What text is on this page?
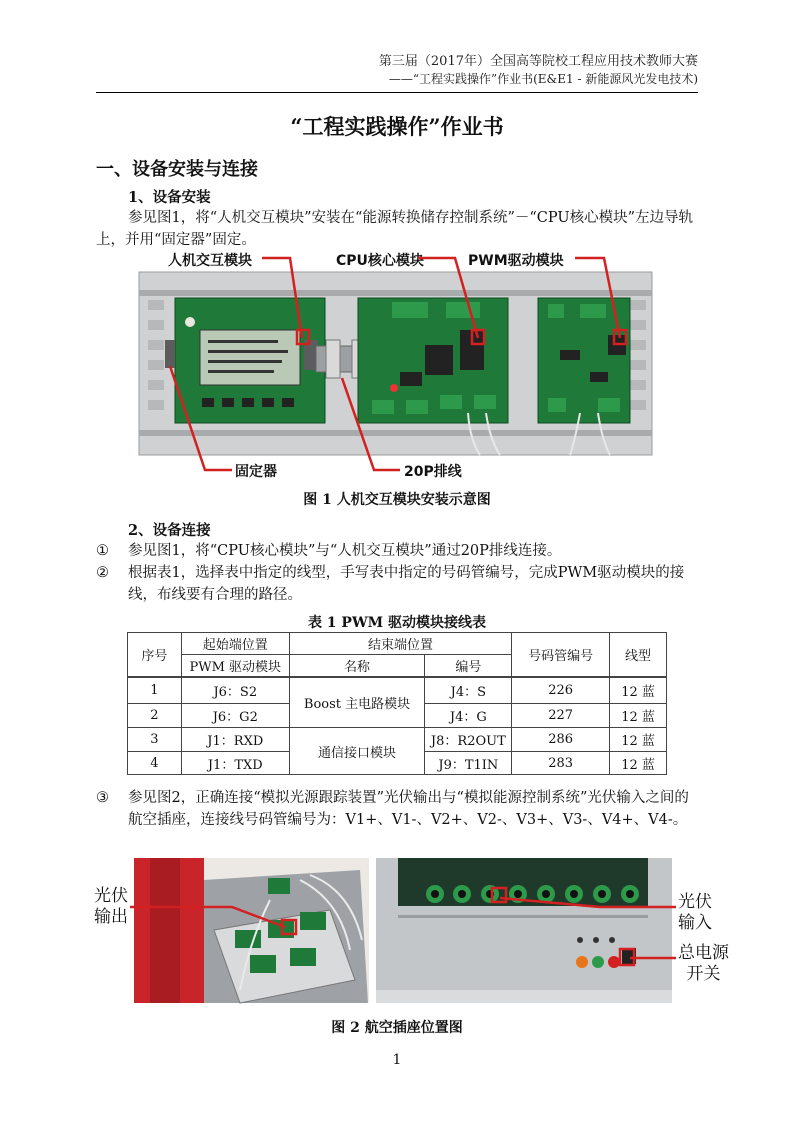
第三届（2017年）全国高等院校工程应用技术教师大赛
——“工程实践操作”作业书(E&E1 - 新能源风光发电技术)
“工程实践操作”作业书
一、设备安装与连接
1、设备安装
参见图1，将“人机交互模块”安装在“能源转换储存控制系统”－“CPU核心模块”左边导轨上，并用“固定器”固定。
人机交互模块	CPU核心模块	PWM驱动模块
固定器	20P排线
图 1 人机交互模块安装示意图
2、设备连接
① 参见图1，将“CPU核心模块”与“人机交互模块”通过20P排线连接。
②	根据表1，选择表中指定的线型，手写表中指定的号码管编号，完成PWM驱动模块的接线，布线要有合理的路径。
表 1 PWM 驱动模块接线表
序号	起始端位置	结束端位置		号码管编号	线型
	PWM 驱动模块	名称	编号		
1	J6：S2	Boost 主电路模块	J4：S	226	12 蓝
2	J6：G2		J4：G	227	12 蓝
3	J1：RXD	通信接口模块	J8：R2OUT	286	12 蓝
4	J1：TXD		J9：T1IN	283	12 蓝
③	参见图2，正确连接“模拟光源跟踪装置”光伏输出与“模拟能源控制系统”光伏输入之间的航空插座，连接线号码管编号为：V1+、V1-、V2+、V2-、V3+、V3-、V4+、V4-。
光伏
输出
光伏
输入
总电源
开关
图 2 航空插座位置图
1
